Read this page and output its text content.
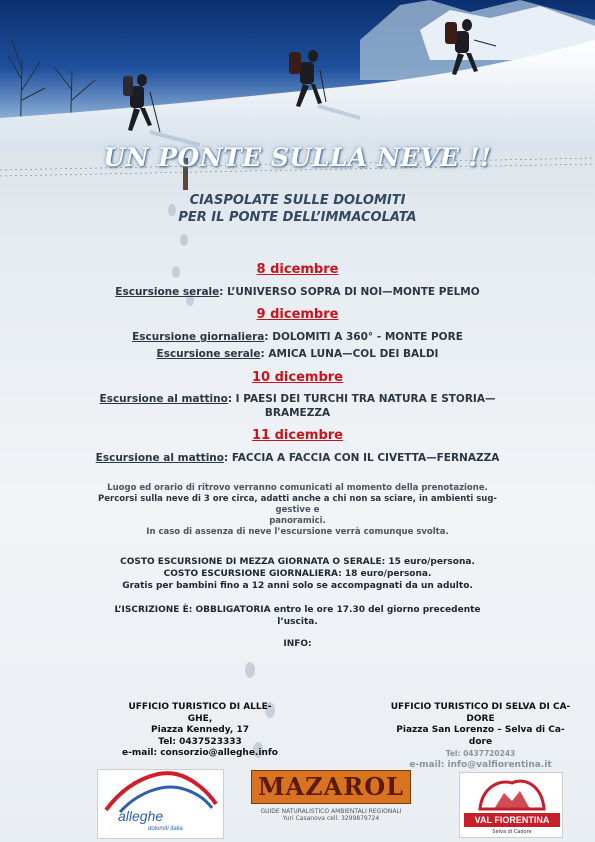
UN PONTE SULLA NEVE !!
CIASPOLATE SULLE DOLOMITI
PER IL PONTE DELL’IMMACOLATA
8 dicembre
Escursione serale: L’UNIVERSO SOPRA DI NOI—MONTE PELMO
9 dicembre
Escursione giornaliera: DOLOMITI A 360° - MONTE PORE
Escursione serale: AMICA LUNA—COL DEI BALDI
10 dicembre
Escursione al mattino: I PAESI DEI TURCHI TRA NATURA E STORIA—
BRAMEZZA
11 dicembre
Escursione al mattino: FACCIA A FACCIA CON IL CIVETTA—FERNAZZA
Luogo ed orario di ritrovo verranno comunicati al momento della prenotazione.
Percorsi sulla neve di 3 ore circa, adatti anche a chi non sa sciare, in ambienti sug-
gestive e
panoramici.
In caso di assenza di neve l’escursione verrà comunque svolta.
COSTO ESCURSIONE DI MEZZA GIORNATA O SERALE: 15 euro/persona.
COSTO ESCURSIONE GIORNALIERA: 18 euro/persona.
Gratis per bambini fino a 12 anni solo se accompagnati da un adulto.
L’ISCRIZIONE È: OBBLIGATORIA entro le ore 17.30 del giorno precedente
l’uscita.
INFO:
UFFICIO TURISTICO DI ALLE-
GHE,
Piazza Kennedy, 17
Tel: 0437523333
e-mail: consorzio@alleghe.info
UFFICIO TURISTICO DI SELVA DI CA-
DORE
Piazza San Lorenzo – Selva di Ca-
dore
Tel: 0437720243
e-mail: info@valfiorentina.it
alleghe
dolomiti italia
MAZAROL
GUIDE NATURALISTICO AMBIENTALI REGIONALI
Yuri Casanova cell. 3299879724	VAL FIORENTINA
Selva di Cadore
